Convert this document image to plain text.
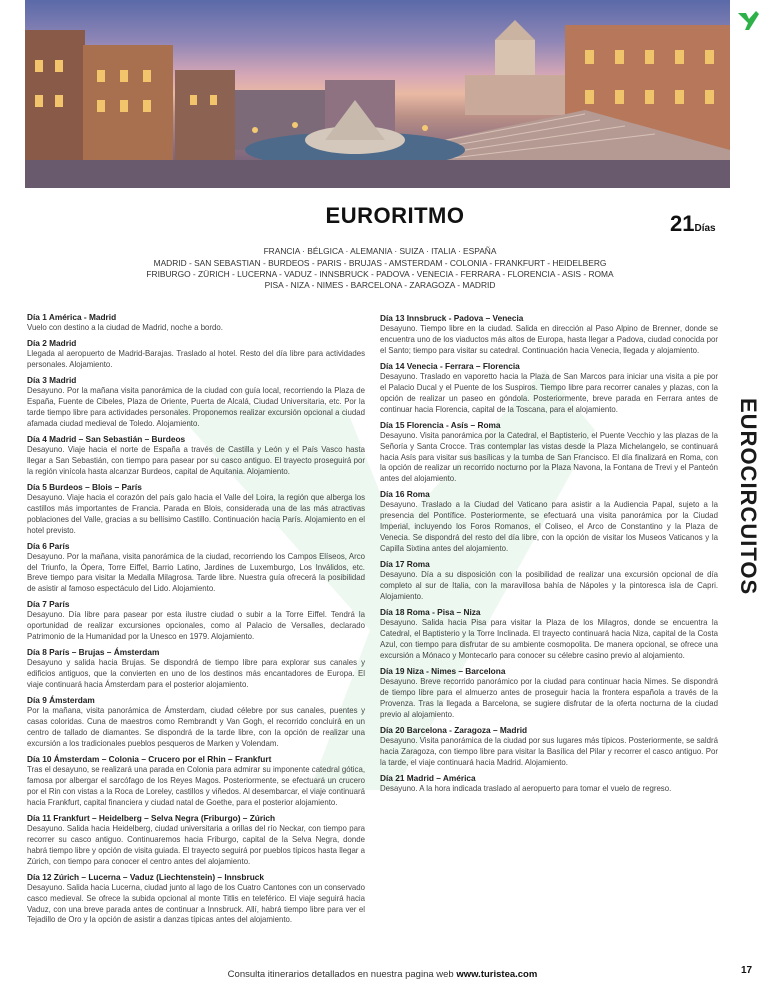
EUROCIRCUITOS
EURORITMO	21Días
FRANCIA · BÉLGICA · ALEMANIA · SUIZA · ITALIA · ESPAÑA
MADRID - SAN SEBASTIAN - BURDEOS - PARIS - BRUJAS - AMSTERDAM - COLONIA - FRANKFURT - HEIDELBERG
FRIBURGO - ZÜRICH - LUCERNA - VADUZ - INNSBRUCK - PADOVA - VENECIA - FERRARA - FLORENCIA - ASIS - ROMA
PISA - NIZA - NIMES - BARCELONA - ZARAGOZA - MADRID
Día 1 América - Madrid
Vuelo con destino a la ciudad de Madrid, noche a bordo.
Día 2 Madrid
Llegada al aeropuerto de Madrid-Barajas. Traslado al hotel. Resto del día libre para actividades personales. Alojamiento.
Día 3 Madrid
Desayuno. Por la mañana visita panorámica de la ciudad con guía local, recorriendo la Plaza de España, Fuente de Cibeles, Plaza de Oriente, Puerta de Alcalá, Ciudad Universitaria, etc. Por la tarde tiempo libre para actividades personales. Proponemos realizar excursión opcional a ciudad afamada ciudad medieval de Toledo. Alojamiento.
Día 4 Madrid – San Sebastián – Burdeos
Desayuno. Viaje hacia el norte de España a través de Castilla y León y el País Vasco hasta llegar a San Sebastián, con tiempo para pasear por su casco antiguo. El trayecto proseguirá por la región vinícola hasta alcanzar Burdeos, capital de Aquitania. Alojamiento.
Día 5 Burdeos – Blois – París
Desayuno. Viaje hacia el corazón del país galo hacia el Valle del Loira, la región que alberga los castillos más importantes de Francia. Parada en Blois, considerada una de las más atractivas poblaciones del Valle, gracias a su bellísimo Castillo. Continuación hacia París. Alojamiento en el hotel previsto.
Día 6 París
Desayuno. Por la mañana, visita panorámica de la ciudad, recorriendo los Campos Elíseos, Arco del Triunfo, la Ópera, Torre Eiffel, Barrio Latino, Jardines de Luxemburgo, Los Inválidos, etc. Breve tiempo para visitar la Medalla Milagrosa. Tarde libre. Nuestra guía ofrecerá la posibilidad de asistir al famoso espectáculo del Lido. Alojamiento.
Día 7 París
Desayuno. Día libre para pasear por esta ilustre ciudad o subir a la Torre Eiffel. Tendrá la oportunidad de realizar excursiones opcionales, como al Palacio de Versalles, declarado Patrimonio de la Humanidad por la Unesco en 1979. Alojamiento.
Día 8 París – Brujas – Ámsterdam
Desayuno y salida hacia Brujas. Se dispondrá de tiempo libre para explorar sus canales y edificios antiguos, que la convierten en uno de los destinos más encantadores de Europa. El viaje continuará hacia Ámsterdam para el posterior alojamiento.
Día 9 Ámsterdam
Por la mañana, visita panorámica de Ámsterdam, ciudad célebre por sus canales, puentes y casas coloridas. Cuna de maestros como Rembrandt y Van Gogh, el recorrido concluirá en un centro de tallado de diamantes. Se dispondrá de la tarde libre, con la opción de realizar una excursión a los tradicionales pueblos pesqueros de Marken y Volendam.
Día 10 Ámsterdam – Colonia – Crucero por el Rhin – Frankfurt
Tras el desayuno, se realizará una parada en Colonia para admirar su imponente catedral gótica, famosa por albergar el sarcófago de los Reyes Magos. Posteriormente, se efectuará un crucero por el Rin con vistas a la Roca de Loreley, castillos y viñedos. Al desembarcar, el viaje continuará hacia Frankfurt, capital financiera y ciudad natal de Goethe, para el posterior alojamiento.
Día 11 Frankfurt – Heidelberg – Selva Negra (Friburgo) – Zúrich
Desayuno. Salida hacia Heidelberg, ciudad universitaria a orillas del río Neckar, con tiempo para recorrer su casco antiguo. Continuaremos hacia Friburgo, capital de la Selva Negra, donde habrá tiempo libre y opción de visita guiada. El trayecto seguirá por pueblos típicos hasta llegar a Zúrich, con tiempo para conocer el centro antes del alojamiento.
Día 12 Zúrich – Lucerna – Vaduz (Liechtenstein) – Innsbruck
Desayuno. Salida hacia Lucerna, ciudad junto al lago de los Cuatro Cantones con un conservado casco medieval. Se ofrece la subida opcional al monte Titlis en teleférico. El viaje seguirá hacia Vaduz, con una breve parada antes de continuar a Innsbruck. Allí, habrá tiempo libre para ver el Tejadillo de Oro y la opción de asistir a danzas típicas antes del alojamiento.
Día 13 Innsbruck - Padova – Venecia
Desayuno. Tiempo libre en la ciudad. Salida en dirección al Paso Alpino de Brenner, donde se encuentra uno de los viaductos más altos de Europa, hasta llegar a Padova, ciudad conocida por el Santo; tiempo para visitar su catedral. Continuación hacia Venecia, llegada y alojamiento.
Día 14 Venecia - Ferrara – Florencia
Desayuno. Traslado en vaporetto hacia la Plaza de San Marcos para iniciar una visita a pie por el Palacio Ducal y el Puente de los Suspiros. Tiempo libre para recorrer canales y plazas, con la opción de realizar un paseo en góndola. Posteriormente, breve parada en Ferrara antes de continuar hacia Florencia, capital de la Toscana, para el alojamiento.
Día 15 Florencia - Asís – Roma
Desayuno. Visita panorámica por la Catedral, el Baptisterio, el Puente Vecchio y las plazas de la Señoría y Santa Crocce. Tras contemplar las vistas desde la Plaza Michelangelo, se continuará hacia Asís para visitar sus basílicas y la tumba de San Francisco. El día finalizará en Roma, con la opción de realizar un recorrido nocturno por la Plaza Navona, la Fontana de Trevi y el Panteón antes del alojamiento.
Día 16 Roma
Desayuno. Traslado a la Ciudad del Vaticano para asistir a la Audiencia Papal, sujeto a la presencia del Pontífice. Posteriormente, se efectuará una visita panorámica por la Ciudad Imperial, incluyendo los Foros Romanos, el Coliseo, el Arco de Constantino y la Plaza de Venecia. Se dispondrá del resto del día libre, con la opción de visitar los Museos Vaticanos y la Capilla Sixtina antes del alojamiento.
Día 17 Roma
Desayuno. Día a su disposición con la posibilidad de realizar una excursión opcional de día completo al sur de Italia, con la maravillosa bahía de Nápoles y la pintoresca isla de Capri. Alojamiento.
Día 18 Roma - Pisa – Niza
Desayuno. Salida hacia Pisa para visitar la Plaza de los Milagros, donde se encuentra la Catedral, el Baptisterio y la Torre Inclinada. El trayecto continuará hacia Niza, capital de la Costa Azul, con tiempo para disfrutar de su ambiente cosmopolita. De manera opcional, se ofrece una excursión a Mónaco y Montecarlo para conocer su célebre casino previo al alojamiento.
Día 19 Niza - Nimes – Barcelona
Desayuno. Breve recorrido panorámico por la ciudad para continuar hacia Nimes. Se dispondrá de tiempo libre para el almuerzo antes de proseguir hacia la frontera española a través de la Provenza. Tras la llegada a Barcelona, se sugiere disfrutar de la oferta nocturna de la ciudad previo al alojamiento.
Día 20 Barcelona - Zaragoza – Madrid
Desayuno. Visita panorámica de la ciudad por sus lugares más típicos. Posteriormente, se saldrá hacia Zaragoza, con tiempo libre para visitar la Basílica del Pilar y recorrer el casco antiguo. Por la tarde, el viaje continuará hacia Madrid. Alojamiento.
Día 21 Madrid – América
Desayuno. A la hora indicada traslado al aeropuerto para tomar el vuelo de regreso.
Consulta itinerarios detallados en nuestra pagina web www.turistea.com	17
